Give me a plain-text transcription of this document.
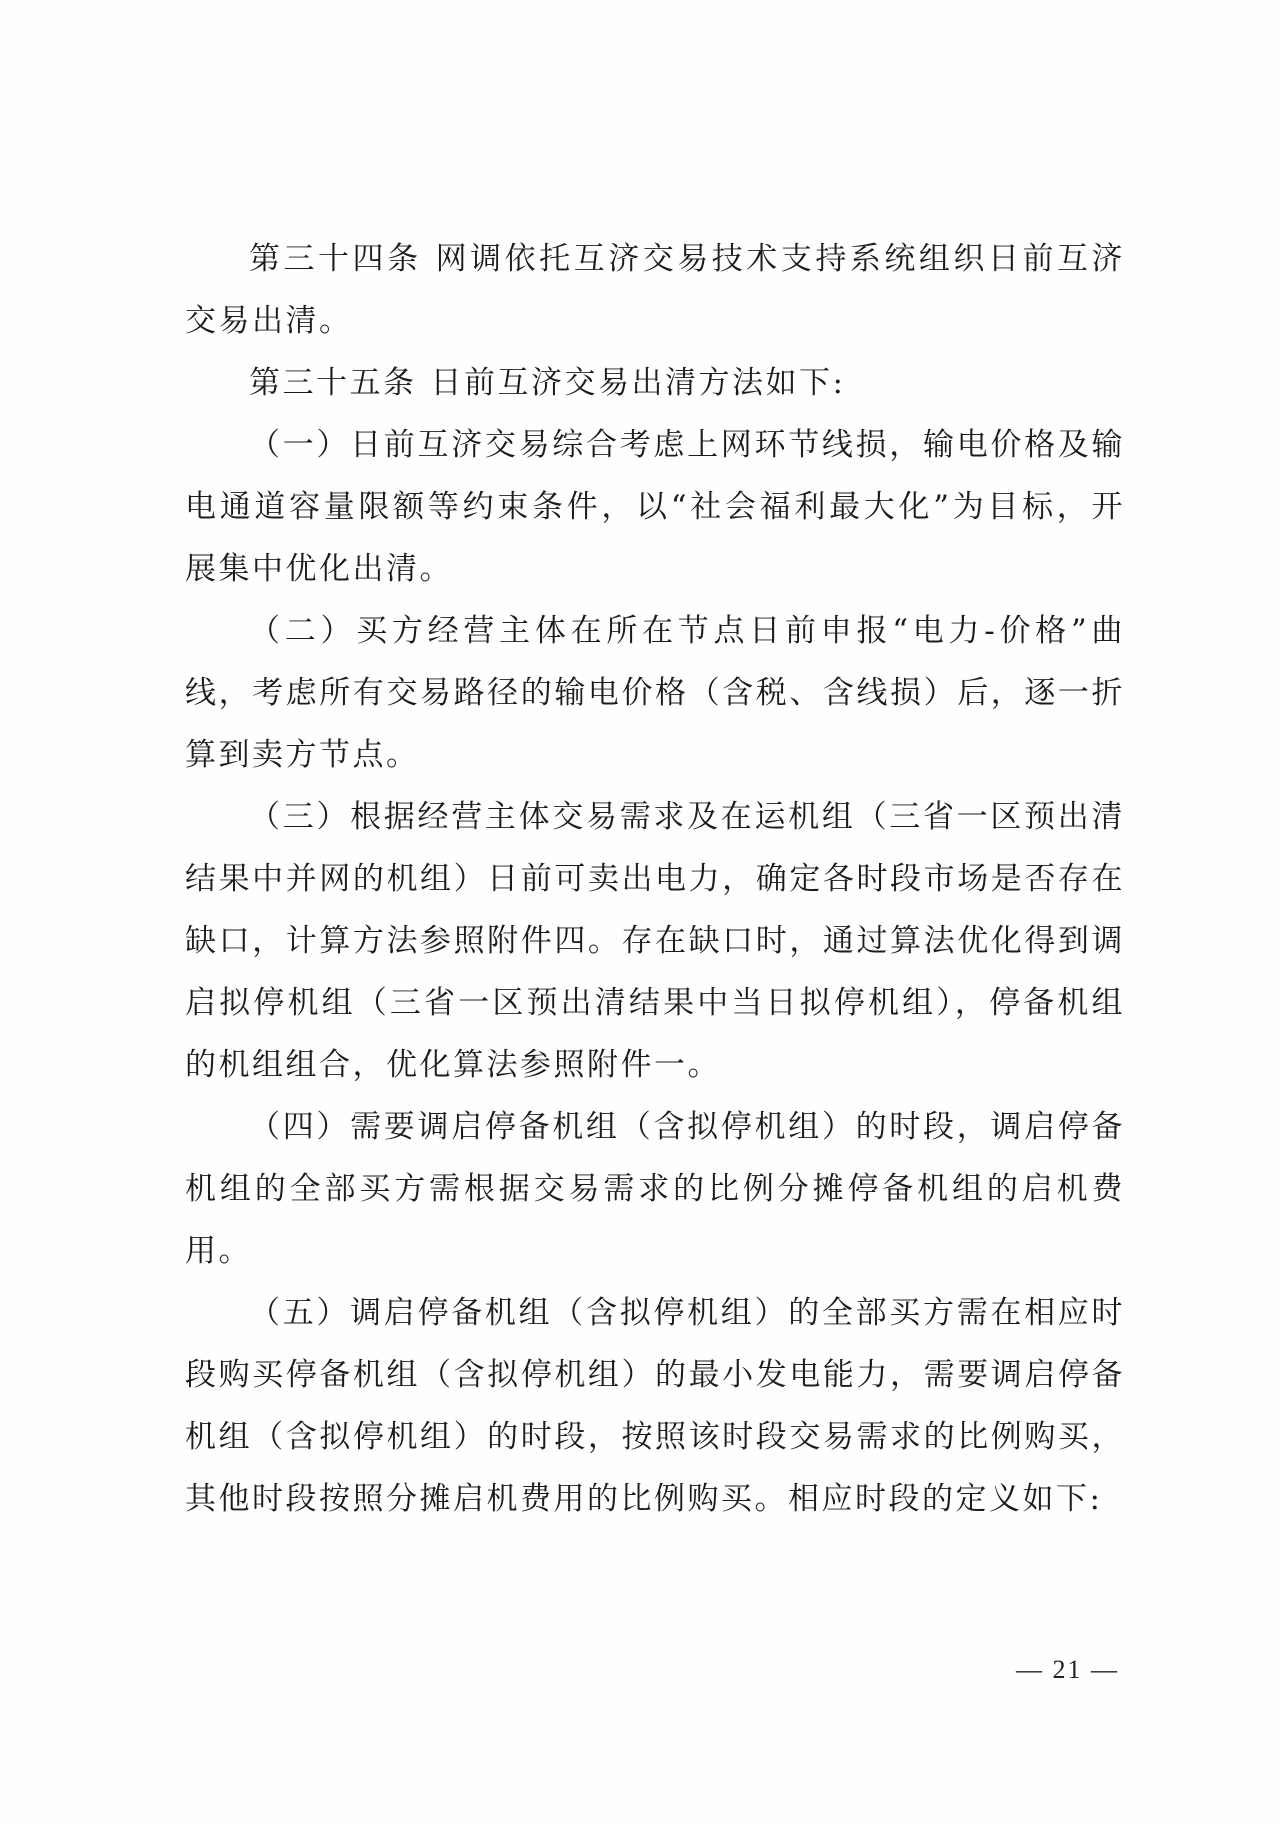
第三十四条 网调依托互济交易技术支持系统组织日前互济交易出清。

第三十五条 日前互济交易出清方法如下:

（一）日前互济交易综合考虑上网环节线损，输电价格及输电通道容量限额等约束条件，以“社会福利最大化”为目标，开展集中优化出清。

（二）买方经营主体在所在节点日前申报“电力-价格”曲线，考虑所有交易路径的输电价格（含税、含线损）后，逐一折算到卖方节点。

（三）根据经营主体交易需求及在运机组（三省一区预出清结果中并网的机组）日前可卖出电力，确定各时段市场是否存在缺口，计算方法参照附件四。存在缺口时，通过算法优化得到调启拟停机组（三省一区预出清结果中当日拟停机组），停备机组的机组组合，优化算法参照附件一。

（四）需要调启停备机组（含拟停机组）的时段，调启停备机组的全部买方需根据交易需求的比例分摊停备机组的启机费用。

（五）调启停备机组（含拟停机组）的全部买方需在相应时段购买停备机组（含拟停机组）的最小发电能力，需要调启停备机组（含拟停机组）的时段，按照该时段交易需求的比例购买，其他时段按照分摊启机费用的比例购买。相应时段的定义如下:

— 21 —
